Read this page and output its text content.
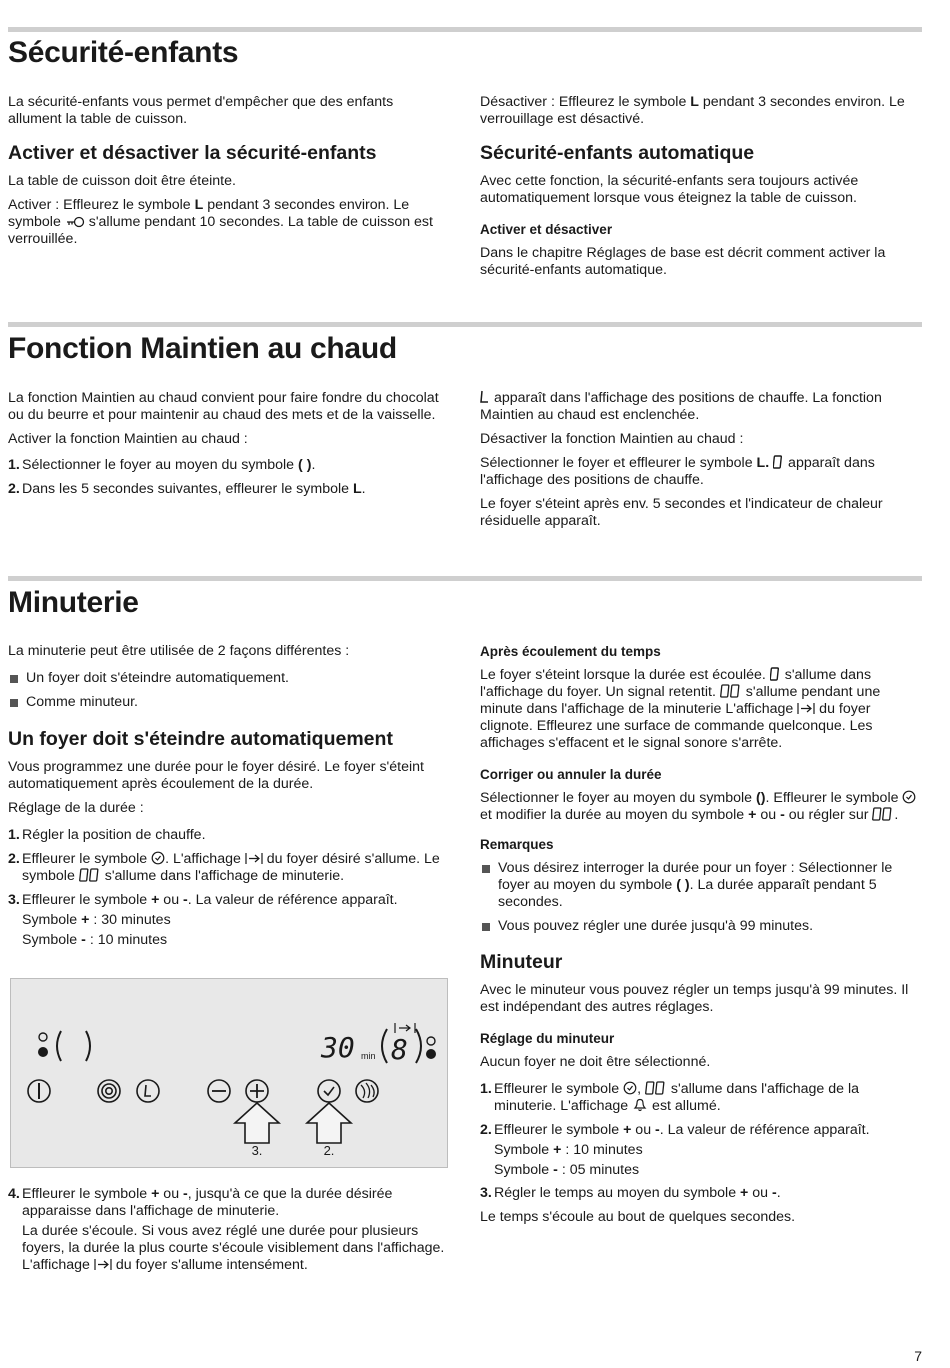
Sécurité-enfants

La sécurité-enfants vous permet d'empêcher que des enfants allument la table de cuisson.

Activer et désactiver la sécurité-enfants

La table de cuisson doit être éteinte.

Activer : Effleurez le symbole L pendant 3 secondes environ. Le symbole  s'allume pendant 10 secondes. La table de cuisson est verrouillée.

Désactiver : Effleurez le symbole L pendant 3 secondes environ. Le verrouillage est désactivé.

Sécurité-enfants automatique

Avec cette fonction, la sécurité-enfants sera toujours activée automatiquement lorsque vous éteignez la table de cuisson.

Activer et désactiver

Dans le chapitre Réglages de base est décrit comment activer la sécurité-enfants automatique.

Fonction Maintien au chaud

La fonction Maintien au chaud convient pour faire fondre du chocolat ou du beurre et pour maintenir au chaud des mets et de la vaisselle.

Activer la fonction Maintien au chaud :

1. Sélectionner le foyer au moyen du symbole ( ).
2. Dans les 5 secondes suivantes, effleurer le symbole L.

apparaît dans l'affichage des positions de chauffe. La fonction Maintien au chaud est enclenchée.

Désactiver la fonction Maintien au chaud :

Sélectionner le foyer et effleurer le symbole L.  apparaît dans l'affichage des positions de chauffe.

Le foyer s'éteint après env. 5 secondes et l'indicateur de chaleur résiduelle apparaît.

Minuterie

La minuterie peut être utilisée de 2 façons différentes :

Un foyer doit s'éteindre automatiquement.
Comme minuteur.
Un foyer doit s'éteindre automatiquement

Vous programmez une durée pour le foyer désiré. Le foyer s'éteint automatiquement après écoulement de la durée.

Réglage de la durée :

1. Régler la position de chauffe.
2. Effleurer le symbole . L'affichage  du foyer désiré s'allume. Le symbole  s'allume dans l'affichage de minuterie.
3. Effleurer le symbole + ou -. La valeur de référence apparaît.

Symbole + : 30 minutes

Symbole - : 10 minutes

30 min 8
3.	2.
4. Effleurer le symbole + ou -, jusqu'à ce que la durée désirée apparaisse dans l'affichage de minuterie.

La durée s'écoule. Si vous avez réglé une durée pour plusieurs foyers, la durée la plus courte s'écoule visiblement dans l'affichage. L'affichage  du foyer s'allume intensément.

Après écoulement du temps

Le foyer s'éteint lorsque la durée est écoulée.  s'allume dans l'affichage du foyer. Un signal retentit.  s'allume pendant une minute dans l'affichage de la minuterie L'affichage  du foyer clignote. Effleurez une surface de commande quelconque. Les affichages s'effacent et le signal sonore s'arrête.

Corriger ou annuler la durée

Sélectionner le foyer au moyen du symbole (). Effleurer le symbole  et modifier la durée au moyen du symbole + ou - ou régler sur .

Remarques
Vous désirez interroger la durée pour un foyer : Sélectionner le foyer au moyen du symbole ( ). La durée apparaît pendant 5 secondes.
Vous pouvez régler une durée jusqu'à 99 minutes.
Minuteur

Avec le minuteur vous pouvez régler un temps jusqu'à 99 minutes. Il est indépendant des autres réglages.

Réglage du minuteur

Aucun foyer ne doit être sélectionné.

1. Effleurer le symbole ,  s'allume dans l'affichage de la minuterie. L'affichage  est allumé.
2. Effleurer le symbole + ou -. La valeur de référence apparaît.

Symbole + : 10 minutes

Symbole - : 05 minutes

3. Régler le temps au moyen du symbole + ou -.

Le temps s'écoule au bout de quelques secondes.

7
